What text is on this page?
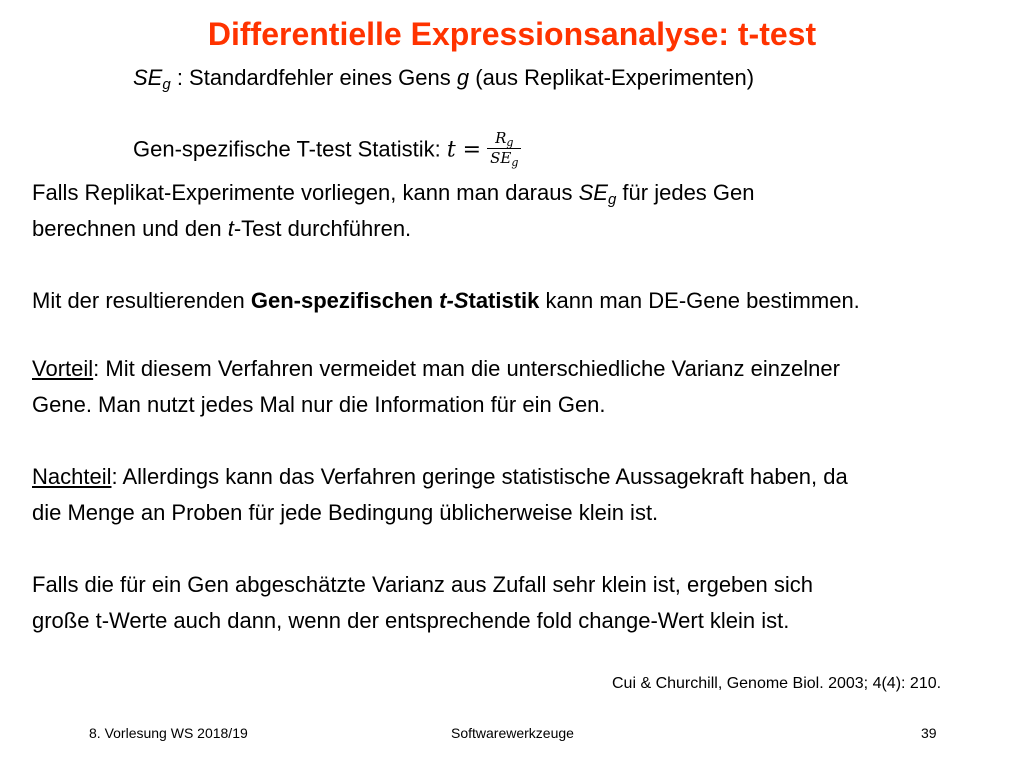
Differentielle Expressionsanalyse: t-test
$SE_g$ : Standardfehler eines Gens g (aus Replikat-Experimenten)
Gen-spezifische T-test Statistik: $t = \frac{R_g}{SE_g}$
Falls Replikat-Experimente vorliegen, kann man daraus $SE_g$ für jedes Gen
berechnen und den t-Test durchführen.
Mit der resultierenden Gen-spezifischen t-Statistik kann man DE-Gene bestimmen.
Vorteil: Mit diesem Verfahren vermeidet man die unterschiedliche Varianz einzelner
Gene. Man nutzt jedes Mal nur die Information für ein Gen.
Nachteil: Allerdings kann das Verfahren geringe statistische Aussagekraft haben, da
die Menge an Proben für jede Bedingung üblicherweise klein ist.
Falls die für ein Gen abgeschätzte Varianz aus Zufall sehr klein ist, ergeben sich
große t-Werte auch dann, wenn der entsprechende fold change-Wert klein ist.
Cui & Churchill, Genome Biol. 2003; 4(4): 210.
8. Vorlesung WS 2018/19	Softwarewerkzeuge	39
